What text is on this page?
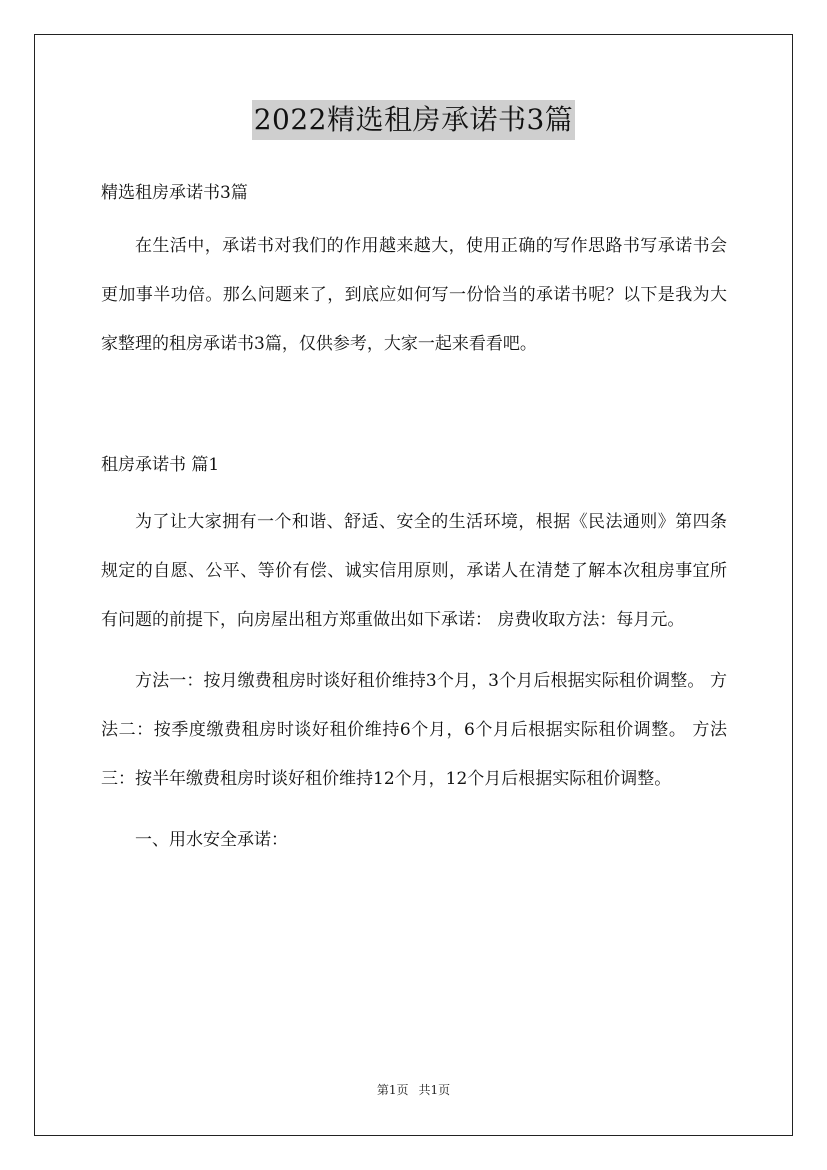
2022精选租房承诺书3篇

精选租房承诺书3篇

在生活中，承诺书对我们的作用越来越大，使用正确的写作思路书写承诺书会更加事半功倍。那么问题来了，到底应如何写一份恰当的承诺书呢？以下是我为大家整理的租房承诺书3篇，仅供参考，大家一起来看看吧。

租房承诺书 篇1

为了让大家拥有一个和谐、舒适、安全的生活环境，根据《民法通则》第四条规定的自愿、公平、等价有偿、诚实信用原则，承诺人在清楚了解本次租房事宜所有问题的前提下，向房屋出租方郑重做出如下承诺： 房费收取方法：每月元。

方法一：按月缴费租房时谈好租价维持3个月，3个月后根据实际租价调整。 方法二：按季度缴费租房时谈好租价维持6个月，6个月后根据实际租价调整。 方法三：按半年缴费租房时谈好租价维持12个月，12个月后根据实际租价调整。

一、用水安全承诺：

第1页 共1页
